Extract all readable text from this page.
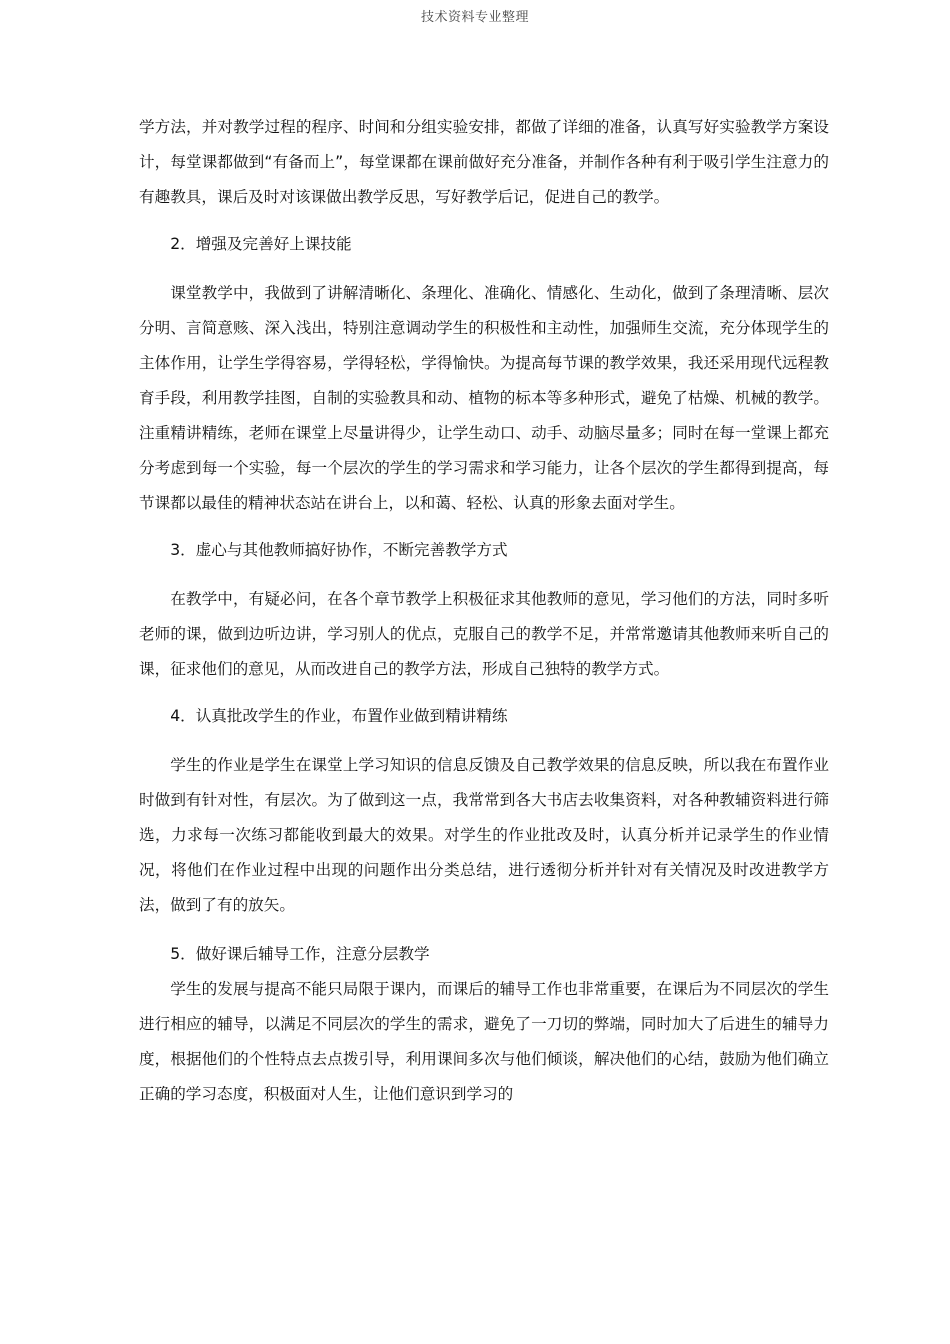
技术资料专业整理

学方法，并对教学过程的程序、时间和分组实验安排，都做了详细的准备，认真写好实验教学方案设计，每堂课都做到“有备而上”，每堂课都在课前做好充分准备，并制作各种有利于吸引学生注意力的有趣教具，课后及时对该课做出教学反思，写好教学后记，促进自己的教学。

2．增强及完善好上课技能

课堂教学中，我做到了讲解清晰化、条理化、准确化、情感化、生动化，做到了条理清晰、层次分明、言简意赅、深入浅出，特别注意调动学生的积极性和主动性，加强师生交流，充分体现学生的主体作用，让学生学得容易，学得轻松，学得愉快。为提高每节课的教学效果，我还采用现代远程教育手段，利用教学挂图，自制的实验教具和动、植物的标本等多种形式，避免了枯燥、机械的教学。注重精讲精练，老师在课堂上尽量讲得少，让学生动口、动手、动脑尽量多；同时在每一堂课上都充分考虑到每一个实验，每一个层次的学生的学习需求和学习能力，让各个层次的学生都得到提高，每节课都以最佳的精神状态站在讲台上，以和蔼、轻松、认真的形象去面对学生。

3．虚心与其他教师搞好协作，不断完善教学方式

在教学中，有疑必问，在各个章节教学上积极征求其他教师的意见，学习他们的方法，同时多听老师的课，做到边听边讲，学习别人的优点，克服自己的教学不足，并常常邀请其他教师来听自己的课，征求他们的意见，从而改进自己的教学方法，形成自己独特的教学方式。

4．认真批改学生的作业，布置作业做到精讲精练

学生的作业是学生在课堂上学习知识的信息反馈及自己教学效果的信息反映，所以我在布置作业时做到有针对性，有层次。为了做到这一点，我常常到各大书店去收集资料，对各种教辅资料进行筛选，力求每一次练习都能收到最大的效果。对学生的作业批改及时，认真分析并记录学生的作业情况，将他们在作业过程中出现的问题作出分类总结，进行透彻分析并针对有关情况及时改进教学方法，做到了有的放矢。

5．做好课后辅导工作，注意分层教学

学生的发展与提高不能只局限于课内，而课后的辅导工作也非常重要，在课后为不同层次的学生进行相应的辅导，以满足不同层次的学生的需求，避免了一刀切的弊端，同时加大了后进生的辅导力度，根据他们的个性特点去点拨引导，利用课间多次与他们倾谈，解决他们的心结，鼓励为他们确立正确的学习态度，积极面对人生，让他们意识到学习的
